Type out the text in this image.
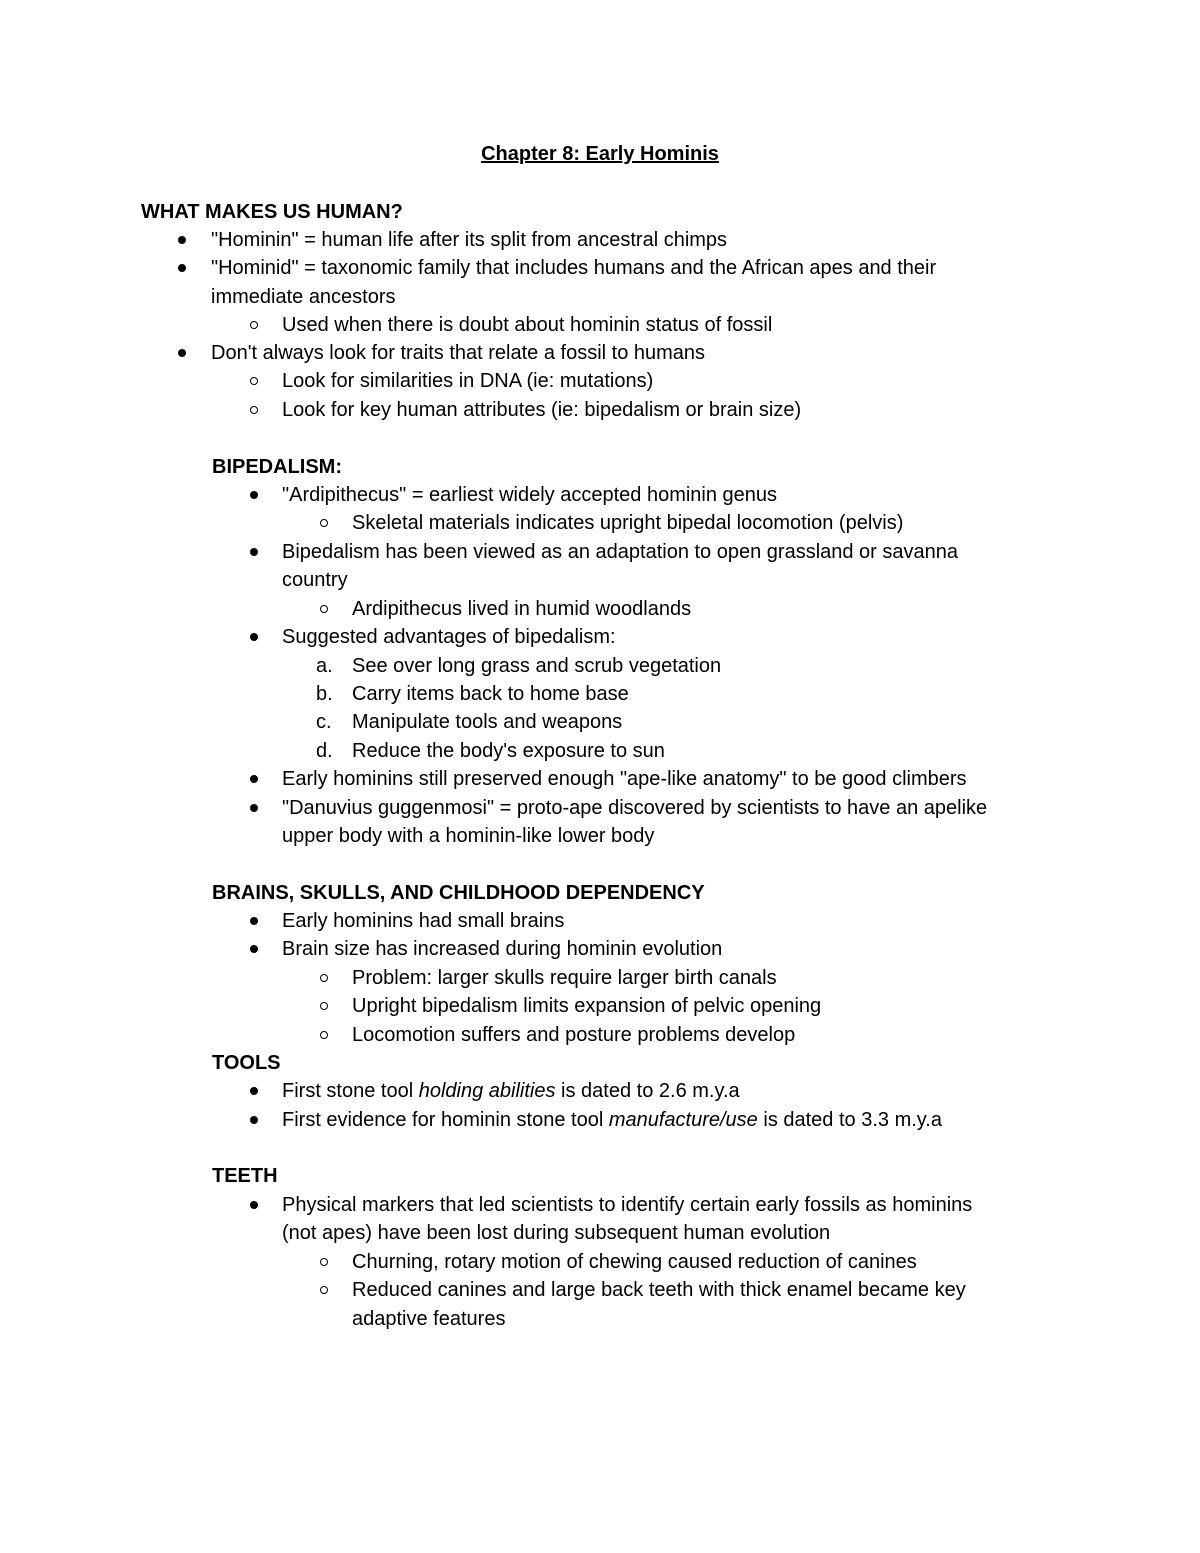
Chapter 8: Early Hominis
WHAT MAKES US HUMAN?
"Hominin" = human life after its split from ancestral chimps
"Hominid" = taxonomic family that includes humans and the African apes and their
immediate ancestors
Used when there is doubt about hominin status of fossil
Don't always look for traits that relate a fossil to humans
Look for similarities in DNA (ie: mutations)
Look for key human attributes (ie: bipedalism or brain size)
BIPEDALISM:
"Ardipithecus" = earliest widely accepted hominin genus
Skeletal materials indicates upright bipedal locomotion (pelvis)
Bipedalism has been viewed as an adaptation to open grassland or savanna
country
Ardipithecus lived in humid woodlands
Suggested advantages of bipedalism:
a. See over long grass and scrub vegetation
b. Carry items back to home base
c. Manipulate tools and weapons
d. Reduce the body's exposure to sun
Early hominins still preserved enough "ape-like anatomy" to be good climbers
"Danuvius guggenmosi" = proto-ape discovered by scientists to have an apelike
upper body with a hominin-like lower body
BRAINS, SKULLS, AND CHILDHOOD DEPENDENCY
Early hominins had small brains
Brain size has increased during hominin evolution
Problem: larger skulls require larger birth canals
Upright bipedalism limits expansion of pelvic opening
Locomotion suffers and posture problems develop
TOOLS
First stone tool holding abilities is dated to 2.6 m.y.a
First evidence for hominin stone tool manufacture/use is dated to 3.3 m.y.a
TEETH
Physical markers that led scientists to identify certain early fossils as hominins
(not apes) have been lost during subsequent human evolution
Churning, rotary motion of chewing caused reduction of canines
Reduced canines and large back teeth with thick enamel became key
adaptive features
